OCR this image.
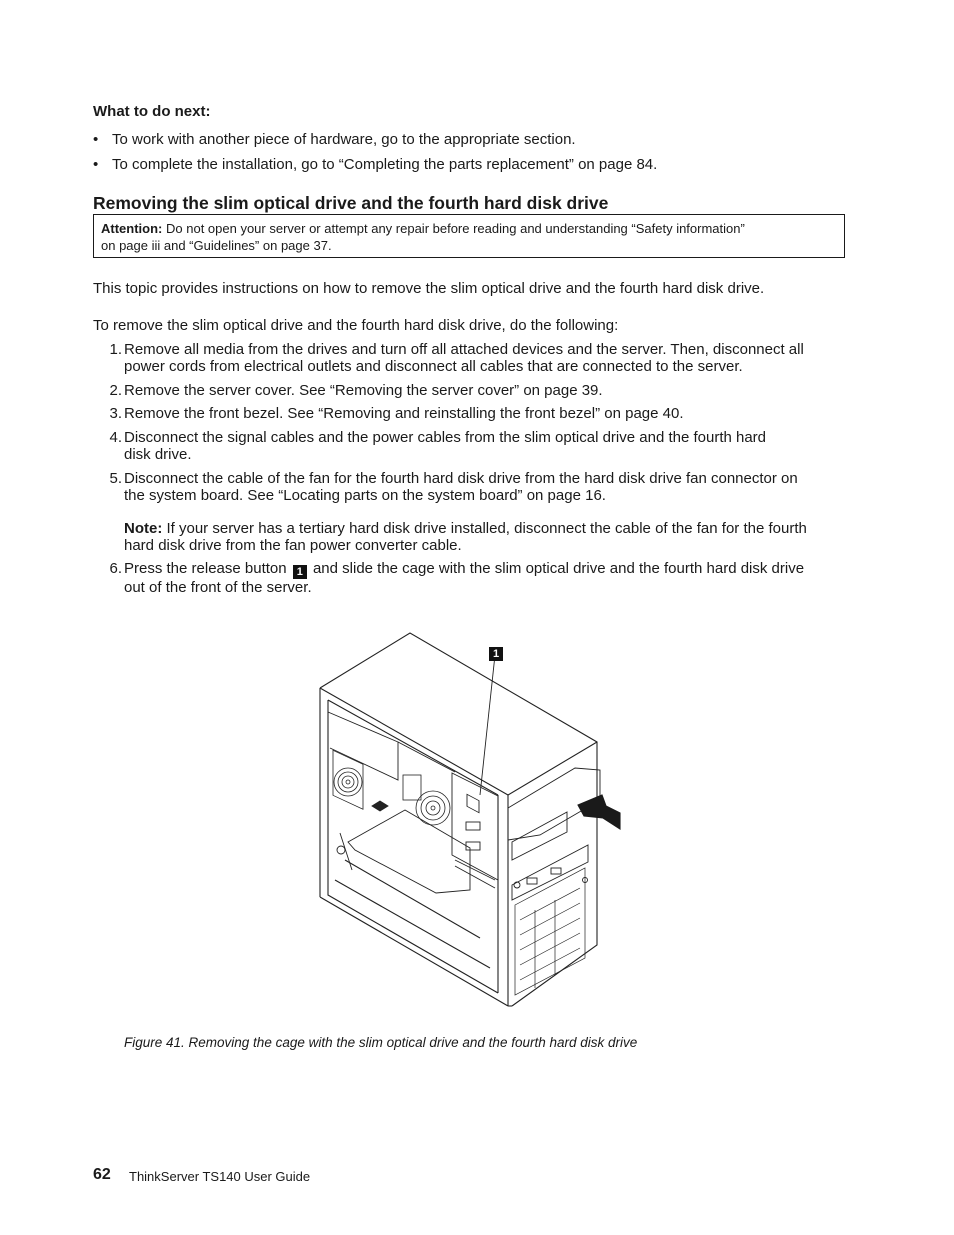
What to do next:
• To work with another piece of hardware, go to the appropriate section.
• To complete the installation, go to “Completing the parts replacement” on page 84.
Removing the slim optical drive and the fourth hard disk drive
Attention: Do not open your server or attempt any repair before reading and understanding “Safety information”
on page iii and “Guidelines” on page 37.
This topic provides instructions on how to remove the slim optical drive and the fourth hard disk drive.
To remove the slim optical drive and the fourth hard disk drive, do the following:
1. Remove all media from the drives and turn off all attached devices and the server. Then, disconnect all
power cords from electrical outlets and disconnect all cables that are connected to the server.
2. Remove the server cover. See “Removing the server cover” on page 39.
3. Remove the front bezel. See “Removing and reinstalling the front bezel” on page 40.
4. Disconnect the signal cables and the power cables from the slim optical drive and the fourth hard
disk drive.
5. Disconnect the cable of the fan for the fourth hard disk drive from the hard disk drive fan connector on
the system board. See “Locating parts on the system board” on page 16.
Note: If your server has a tertiary hard disk drive installed, disconnect the cable of the fan for the fourth
hard disk drive from the fan power converter cable.
6. Press the release button 1 and slide the cage with the slim optical drive and the fourth hard disk drive
out of the front of the server.
1
Figure 41. Removing the cage with the slim optical drive and the fourth hard disk drive
62 ThinkServer TS140 User Guide
